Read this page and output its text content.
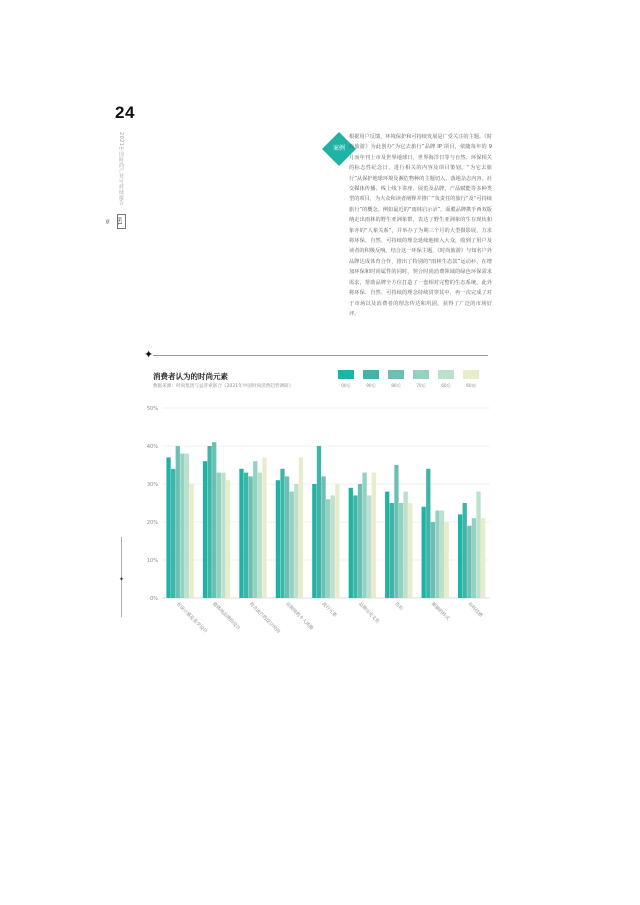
24
2021中国时尚产业可持续报告
第1章
✦
案例

根据用户反馈，环境保护和可持续发展是广受关注的主题。《时尚旅游》为此创办“为它去旅行”品牌 IP 项目，依随每年的 9 月而年刊上市及世界地球日、世界海洋日等与自然、环保相关的标志性纪念日，进行相关的内容及项目策划。“为它去旅行”从保护地球环境及濒危物种的主题切入，落地杂志内容、社交媒体传播、线上线下讲座、展览及品牌、产品赋能等多种类型的项目，为大众和读者阐释并推广“负责任的旅行”及“可持续旅行”的概念。例如最近的“雨林启示录”，面膜品牌携手西双版纳走出雨林的野生亚洲象群，表达了野生亚洲象的生存现状和象亦的“人象关系”，并举办了为期三个月的大型摄影展，力求将环保、自然、可持续的理念延续地植入大众，收到了用户及读者的积极反响。结合这一环保主题，《时尚旅游》与知名户外品牌达成体育合作，推出了特别的“雨林生态款”运动衫，在增加环保和时尚属性的同时，契合时尚消费领域的绿色环保需求需求，帮助品牌全方位打造了一套相对完整的生态系统。此外将环保、自然、可持续的理念持续贯穿其中，再一次完成了对于市场以及消费者的理念传达和巩固，获得了广泛的市场好评。

✦
消费者认为的时尚元素
数据来源：时尚集团与益普索联合《2021年中国时尚消费趋势调研》	00后	90后	80后	70后	60后	60前
0%
10%
20%
30%
40%
50%
有设计感及美学设计 能体现品牌的设计	符合流行的设计时尚 有独特的个人风格	流行元素	品牌历史文化	色彩	新颖的样式	有科技感
